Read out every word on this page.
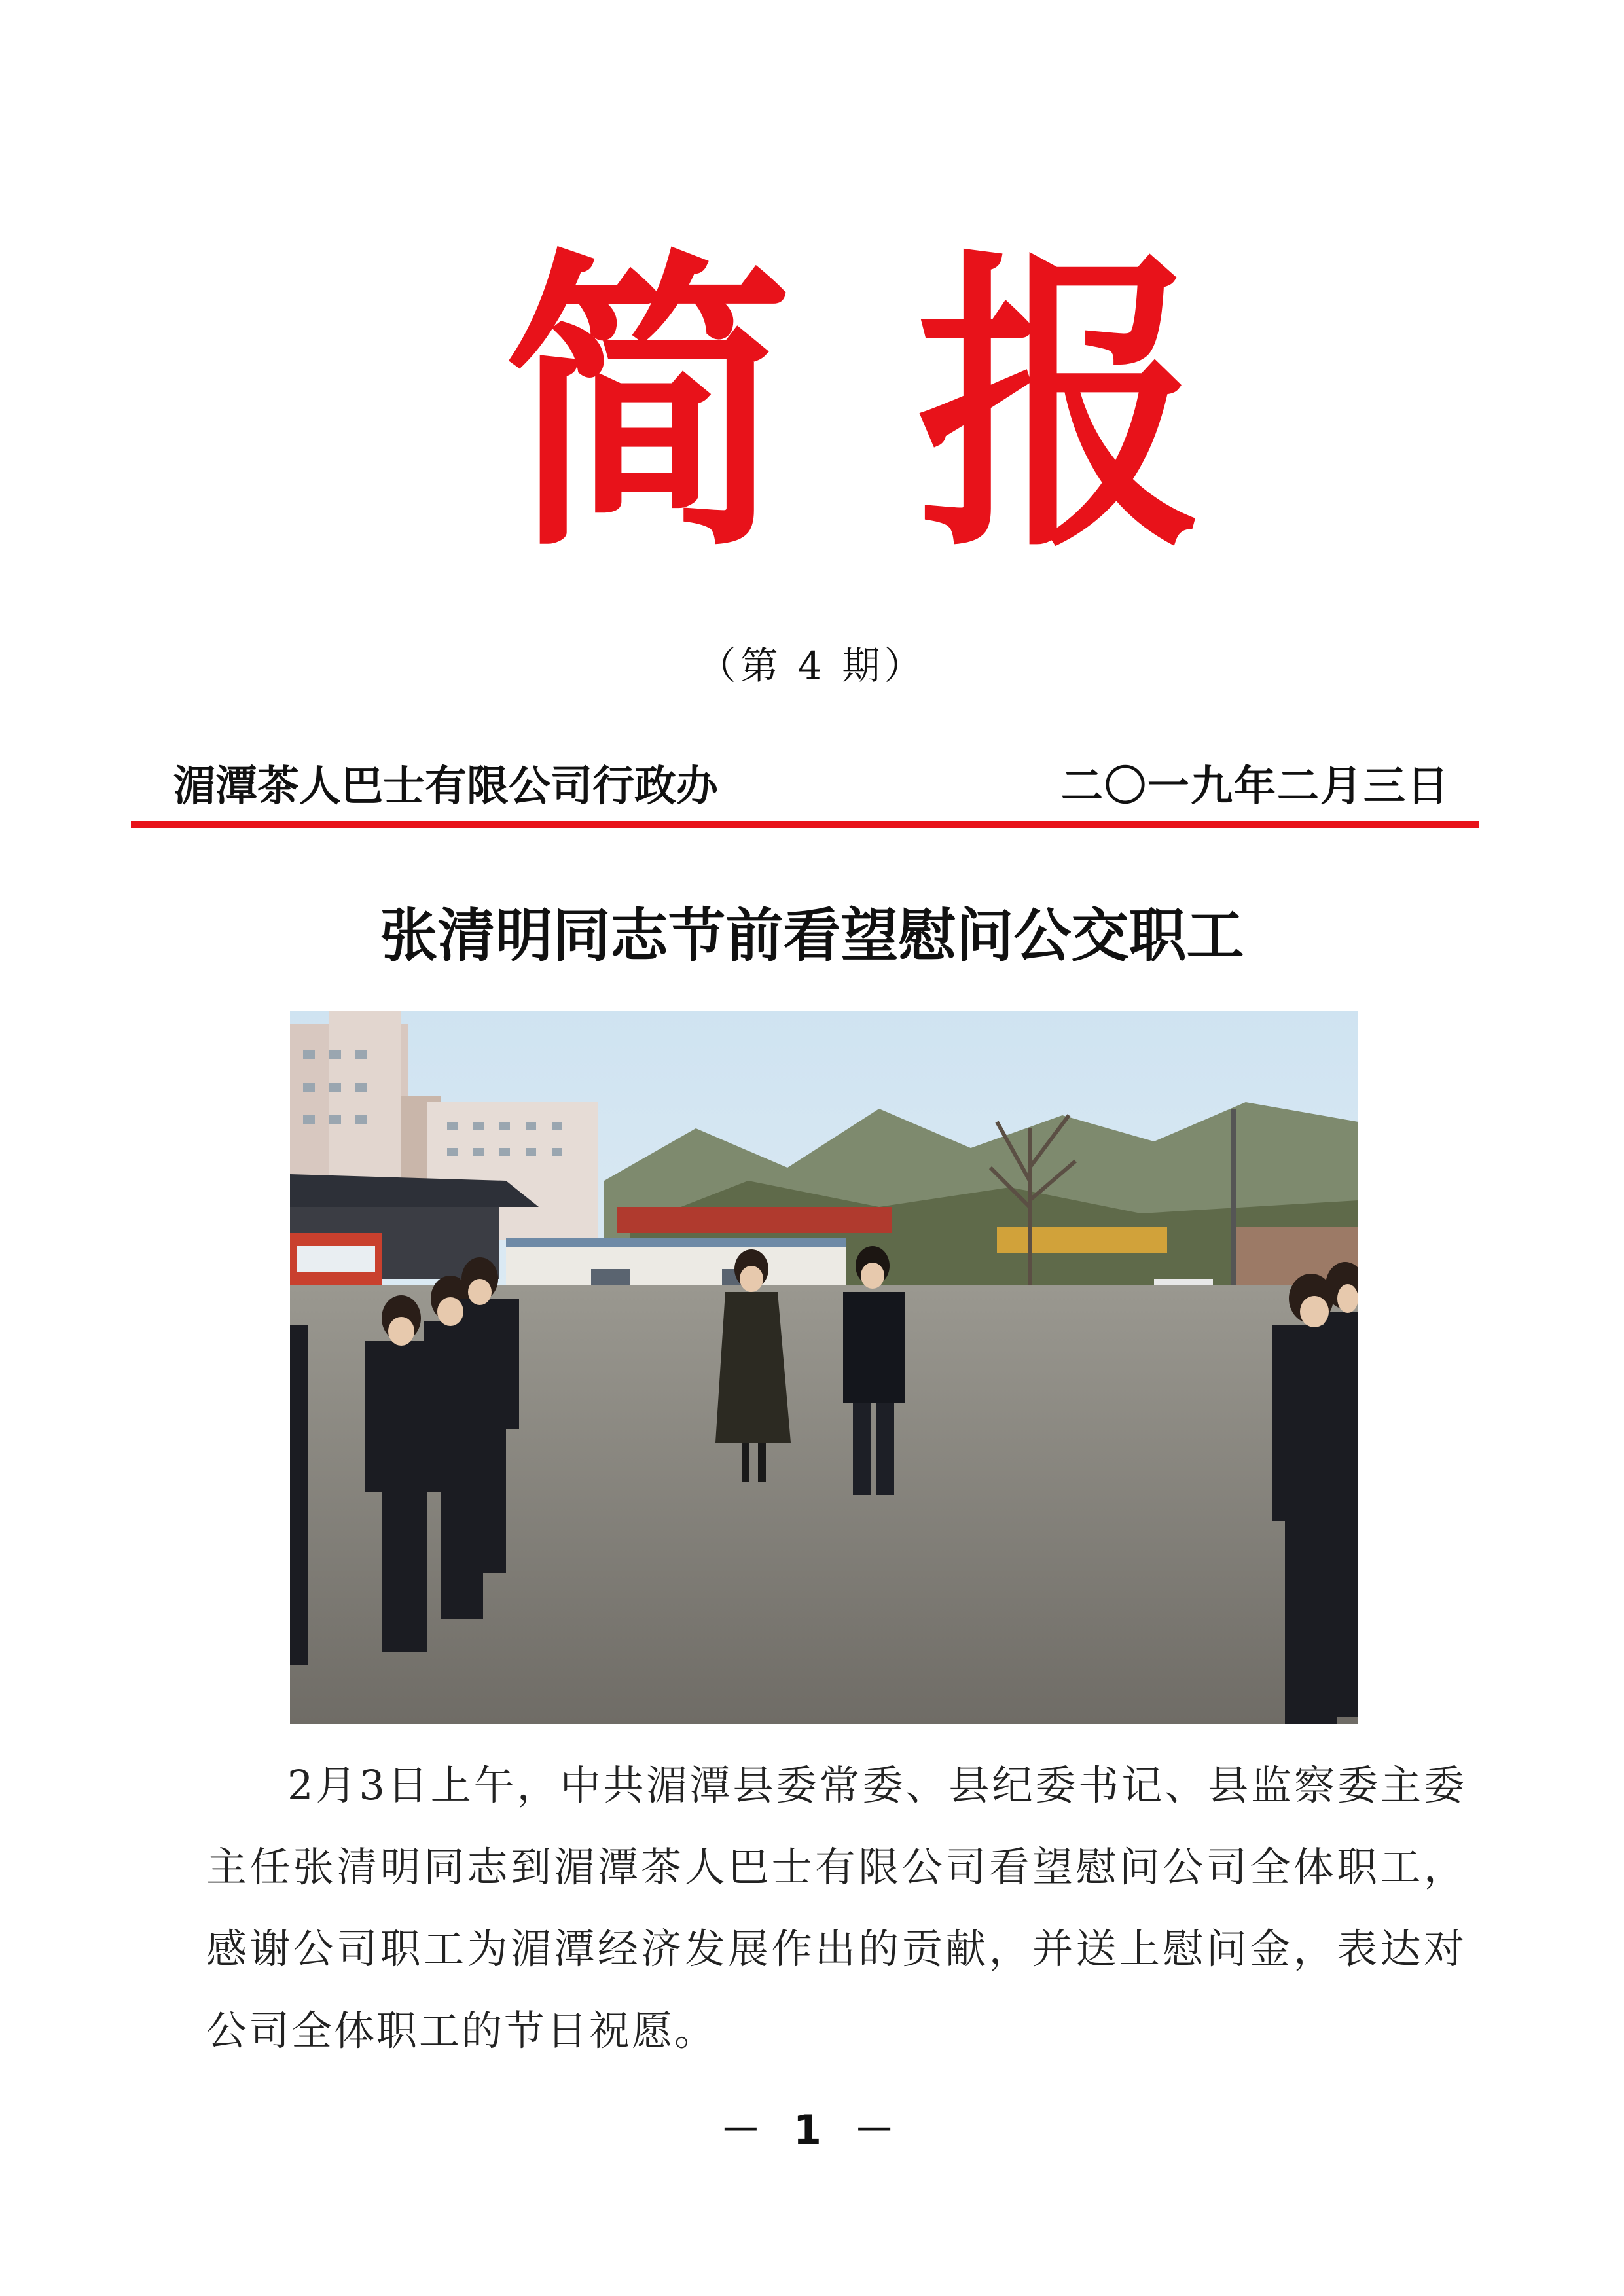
简 报
（第 4 期）
湄潭茶人巴士有限公司行政办	二〇一九年二月三日
张清明同志节前看望慰问公交职工
2月3日上午，中共湄潭县委常委、县纪委书记、县监察委主委主任张清明同志到湄潭茶人巴士有限公司看望慰问公司全体职工，感谢公司职工为湄潭经济发展作出的贡献，并送上慰问金，表达对公司全体职工的节日祝愿。
－ 1 －
